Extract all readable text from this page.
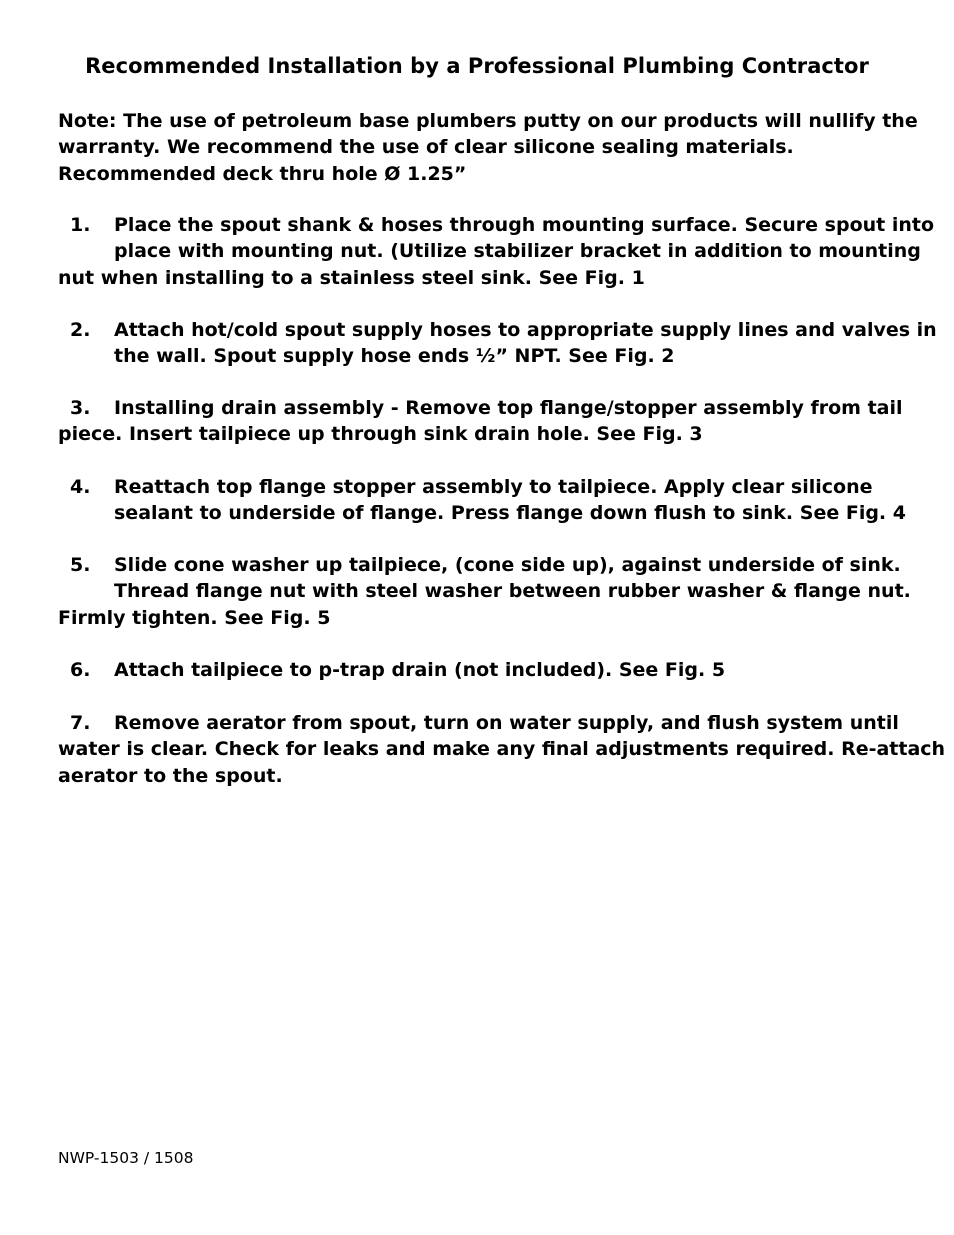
Recommended Installation by a Professional Plumbing Contractor
Note: The use of petroleum base plumbers putty on our products will nullify the
warranty. We recommend the use of clear silicone sealing materials.
Recommended deck thru hole Ø 1.25”
1. Place the spout shank & hoses through mounting surface. Secure spout into
place with mounting nut. (Utilize stabilizer bracket in addition to mounting
nut when installing to a stainless steel sink. See Fig. 1
2. Attach hot/cold spout supply hoses to appropriate supply lines and valves in
the wall. Spout supply hose ends ½” NPT. See Fig. 2
3. Installing drain assembly - Remove top flange/stopper assembly from tail
piece. Insert tailpiece up through sink drain hole. See Fig. 3
4. Reattach top flange stopper assembly to tailpiece. Apply clear silicone
sealant to underside of flange. Press flange down flush to sink. See Fig. 4
5. Slide cone washer up tailpiece, (cone side up), against underside of sink.
Thread flange nut with steel washer between rubber washer & flange nut.
Firmly tighten. See Fig. 5
6. Attach tailpiece to p-trap drain (not included). See Fig. 5
7. Remove aerator from spout, turn on water supply, and flush system until
water is clear. Check for leaks and make any final adjustments required. Re-attach
aerator to the spout.
NWP-1503 / 1508
